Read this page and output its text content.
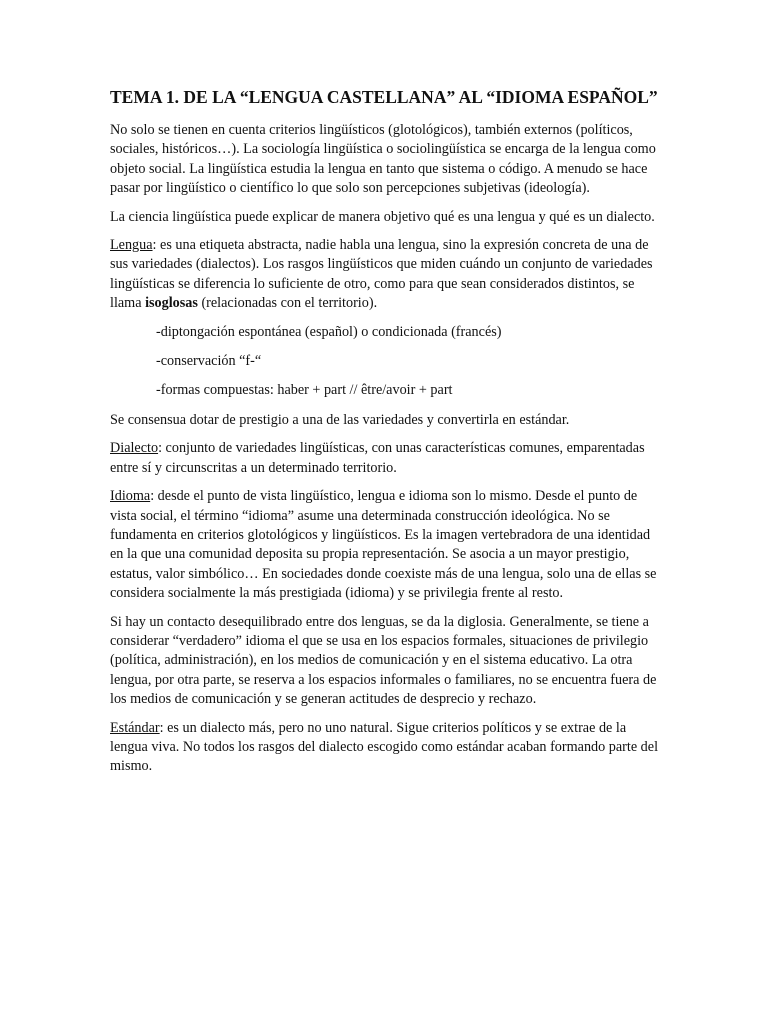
TEMA 1. DE LA “LENGUA CASTELLANA” AL “IDIOMA ESPAÑOL”

No solo se tienen en cuenta criterios lingüísticos (glotológicos), también externos (políticos, sociales, históricos…). La sociología lingüística o sociolingüística se encarga de la lengua como objeto social. La lingüística estudia la lengua en tanto que sistema o código. A menudo se hace pasar por lingüístico o científico lo que solo son percepciones subjetivas (ideología).

La ciencia lingüística puede explicar de manera objetivo qué es una lengua y qué es un dialecto.

Lengua: es una etiqueta abstracta, nadie habla una lengua, sino la expresión concreta de una de sus variedades (dialectos). Los rasgos lingüísticos que miden cuándo un conjunto de variedades lingüísticas se diferencia lo suficiente de otro, como para que sean considerados distintos, se llama isoglosas (relacionadas con el territorio).

-diptongación espontánea (español) o condicionada (francés)

-conservación “f-“

-formas compuestas: haber + part // être/avoir + part

Se consensua dotar de prestigio a una de las variedades y convertirla en estándar.

Dialecto: conjunto de variedades lingüísticas, con unas características comunes, emparentadas entre sí y circunscritas a un determinado territorio.

Idioma: desde el punto de vista lingüístico, lengua e idioma son lo mismo. Desde el punto de vista social, el término “idioma” asume una determinada construcción ideológica. No se fundamenta en criterios glotológicos y lingüísticos. Es la imagen vertebradora de una identidad en la que una comunidad deposita su propia representación. Se asocia a un mayor prestigio, estatus, valor simbólico… En sociedades donde coexiste más de una lengua, solo una de ellas se considera socialmente la más prestigiada (idioma) y se privilegia frente al resto.

Si hay un contacto desequilibrado entre dos lenguas, se da la diglosia. Generalmente, se tiene a considerar “verdadero” idioma el que se usa en los espacios formales, situaciones de privilegio (política, administración), en los medios de comunicación y en el sistema educativo. La otra lengua, por otra parte, se reserva a los espacios informales o familiares, no se encuentra fuera de los medios de comunicación y se generan actitudes de desprecio y rechazo.

Estándar: es un dialecto más, pero no uno natural. Sigue criterios políticos y se extrae de la lengua viva. No todos los rasgos del dialecto escogido como estándar acaban formando parte del mismo.
